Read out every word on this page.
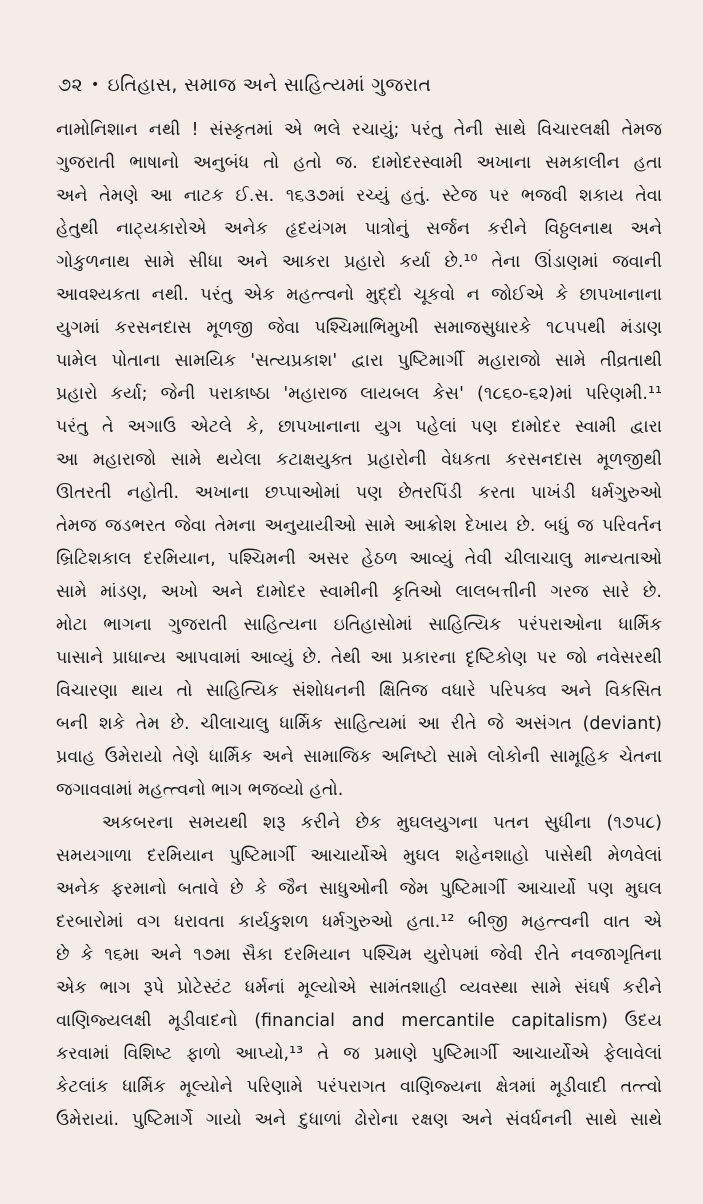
૭૨ • ઇતિહાસ, સમાજ અને સાહિત્યમાં ગુજરાત
નામોનિશાન નથી ! સંસ્કૃતમાં એ ભલે રચાયું; પરંતુ તેની સાથે વિચારલક્ષી તેમજ
ગુજરાતી ભાષાનો અનુબંધ તો હતો જ. દામોદરસ્વામી અખાના સમકાલીન હતા
અને તેમણે આ નાટક ઈ.સ. ૧૬૩૭માં રચ્યું હતું. સ્ટેજ પર ભજવી શકાય તેવા
હેતુથી નાટ્યકારોએ અનેક હૃદયંગમ પાત્રોનું સર્જન કરીને વિઠ્ઠલનાથ અને
ગોકુળનાથ સામે સીધા અને આકરા પ્રહારો કર્યા છે.¹⁰ તેના ઊંડાણમાં જવાની
આવશ્યકતા નથી. પરંતુ એક મહત્ત્વનો મુદ્દો ચૂકવો ન જોઈએ કે છાપખાનાના
યુગમાં કરસનદાસ મૂળજી જેવા પશ્ચિમાભિમુખી સમાજસુધારકે ૧૮૫૫થી મંડાણ
પામેલ પોતાના સામયિક 'સત્યપ્રકાશ' દ્વારા પુષ્ટિમાર્ગી મહારાજો સામે તીવ્રતાથી
પ્રહારો કર્યા; જેની પરાકાષ્ઠા 'મહારાજ લાયબલ કેસ' (૧૮૬૦-૬૨)માં પરિણમી.¹¹
પરંતુ તે અગાઉ એટલે કે, છાપખાનાના યુગ પહેલાં પણ દામોદર સ્વામી દ્વારા
આ મહારાજો સામે થયેલા કટાક્ષયુક્ત પ્રહારોની વેધકતા કરસનદાસ મૂળજીથી
ઊતરતી નહોતી. અખાના છપ્પાઓમાં પણ છેતરપિંડી કરતા પાખંડી ધર્મગુરુઓ
તેમજ જડભરત જેવા તેમના અનુયાયીઓ સામે આક્રોશ દેખાય છે. બધું જ પરિવર્તન
બ્રિટિશકાલ દરમિયાન, પશ્ચિમની અસર હેઠળ આવ્યું તેવી ચીલાચાલુ માન્યતાઓ
સામે માંડણ, અખો અને દામોદર સ્વામીની કૃતિઓ લાલબત્તીની ગરજ સારે છે.
મોટા ભાગના ગુજરાતી સાહિત્યના ઇતિહાસોમાં સાહિત્યિક પરંપરાઓના ધાર્મિક
પાસાને પ્રાધાન્ય આપવામાં આવ્યું છે. તેથી આ પ્રકારના દૃષ્ટિકોણ પર જો નવેસરથી
વિચારણા થાય તો સાહિત્યિક સંશોધનની ક્ષિતિજ વધારે પરિપક્વ અને વિકસિત
બની શકે તેમ છે. ચીલાચાલુ ધાર્મિક સાહિત્યમાં આ રીતે જે અસંગત (deviant)
પ્રવાહ ઉમેરાયો તેણે ધાર્મિક અને સામાજિક અનિષ્ટો સામે લોકોની સામૂહિક ચેતના
જગાવવામાં મહત્ત્વનો ભાગ ભજવ્યો હતો.
અકબરના સમયથી શરૂ કરીને છેક મુઘલયુગના પતન સુધીના (૧૭૫૮)
સમયગાળા દરમિયાન પુષ્ટિમાર્ગી આચાર્યોએ મુઘલ શહેનશાહો પાસેથી મેળવેલાં
અનેક ફરમાનો બતાવે છે કે જૈન સાધુઓની જેમ પુષ્ટિમાર્ગી આચાર્યો પણ મુઘલ
દરબારોમાં વગ ધરાવતા કાર્યકુશળ ધર્મગુરુઓ હતા.¹² બીજી મહત્ત્વની વાત એ
છે કે ૧૬મા અને ૧૭મા સૈકા દરમિયાન પશ્ચિમ યુરોપમાં જેવી રીતે નવજાગૃતિના
એક ભાગ રૂપે પ્રોટેસ્ટંટ ધર્મનાં મૂલ્યોએ સામંતશાહી વ્યવસ્થા સામે સંઘર્ષ કરીને
વાણિજ્યલક્ષી મૂડીવાદનો (financial and mercantile capitalism) ઉદય
કરવામાં વિશિષ્ટ ફાળો આપ્યો,¹³ તે જ પ્રમાણે પુષ્ટિમાર્ગી આચાર્યોએ ફેલાવેલાં
કેટલાંક ધાર્મિક મૂલ્યોને પરિણામે પરંપરાગત વાણિજ્યના ક્ષેત્રમાં મૂડીવાદી તત્ત્વો
ઉમેરાયાં. પુષ્ટિમાર્ગે ગાયો અને દુધાળાં ઢોરોના રક્ષણ અને સંવર્ધનની સાથે સાથે
